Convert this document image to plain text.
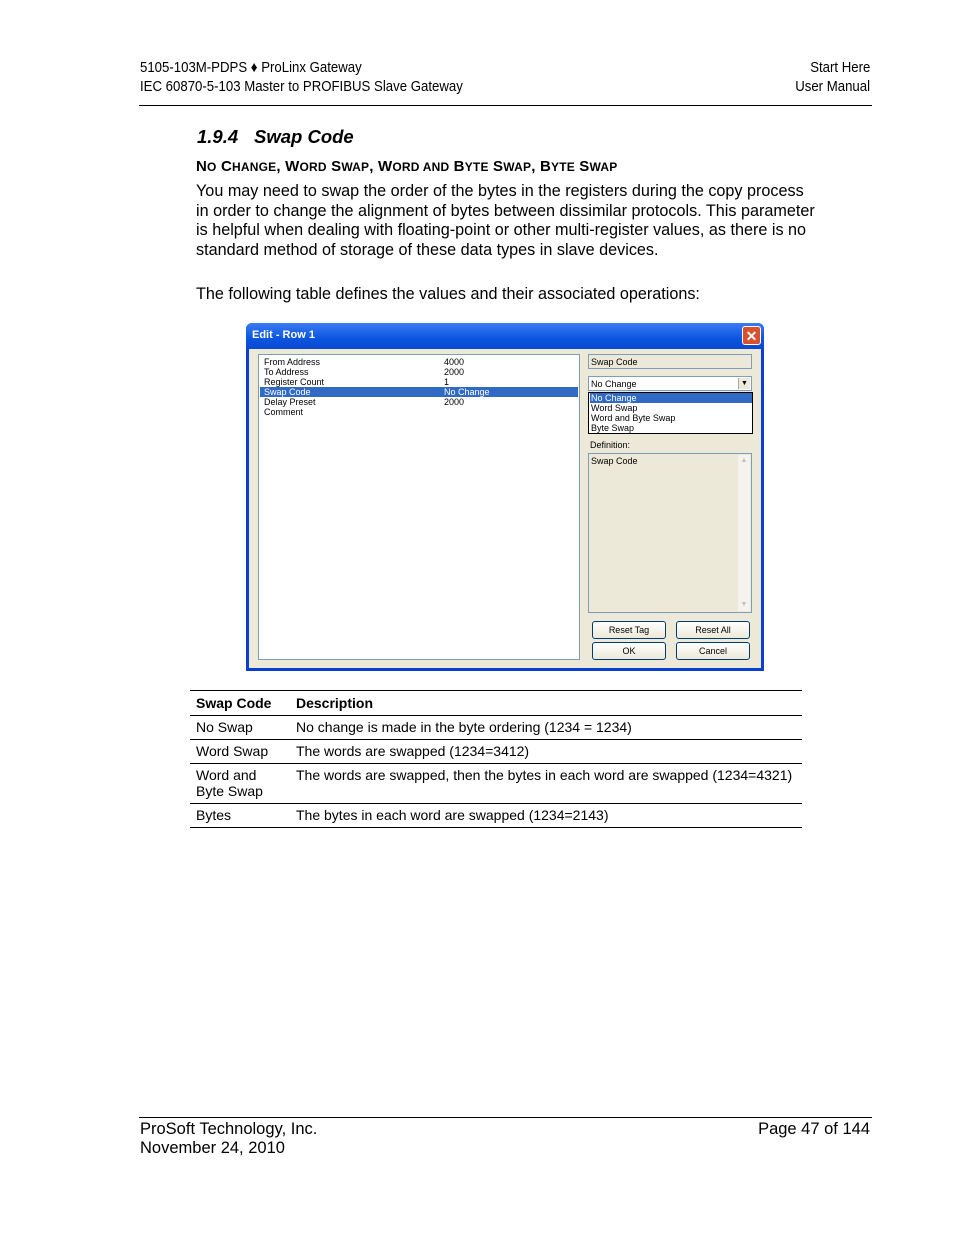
5105-103M-PDPS ♦ ProLinx Gateway
IEC 60870-5-103 Master to PROFIBUS Slave Gateway
Start Here
User Manual
1.9.4 Swap Code
NO CHANGE, WORD SWAP, WORD AND BYTE SWAP, BYTE SWAP
You may need to swap the order of the bytes in the registers during the copy process in order to change the alignment of bytes between dissimilar protocols. This parameter is helpful when dealing with floating-point or other multi-register values, as there is no standard method of storage of these data types in slave devices.
The following table defines the values and their associated operations:
Edit - Row 1	✕
From Address	4000
To Address	2000
Register Count	1
Swap Code	No Change
Delay Preset	2000
Comment
Swap Code
No Change	▼
No Change
Word Swap
Word and Byte Swap
Byte Swap
Definition:
Swap Code	▲
▼
Reset Tag	Reset All
OK	Cancel
Swap Code	Description
No Swap	No change is made in the byte ordering (1234 = 1234)
Word Swap	The words are swapped (1234=3412)
Word and Byte Swap	The words are swapped, then the bytes in each word are swapped (1234=4321)
Bytes	The bytes in each word are swapped (1234=2143)
ProSoft Technology, Inc.
November 24, 2010
Page 47 of 144
